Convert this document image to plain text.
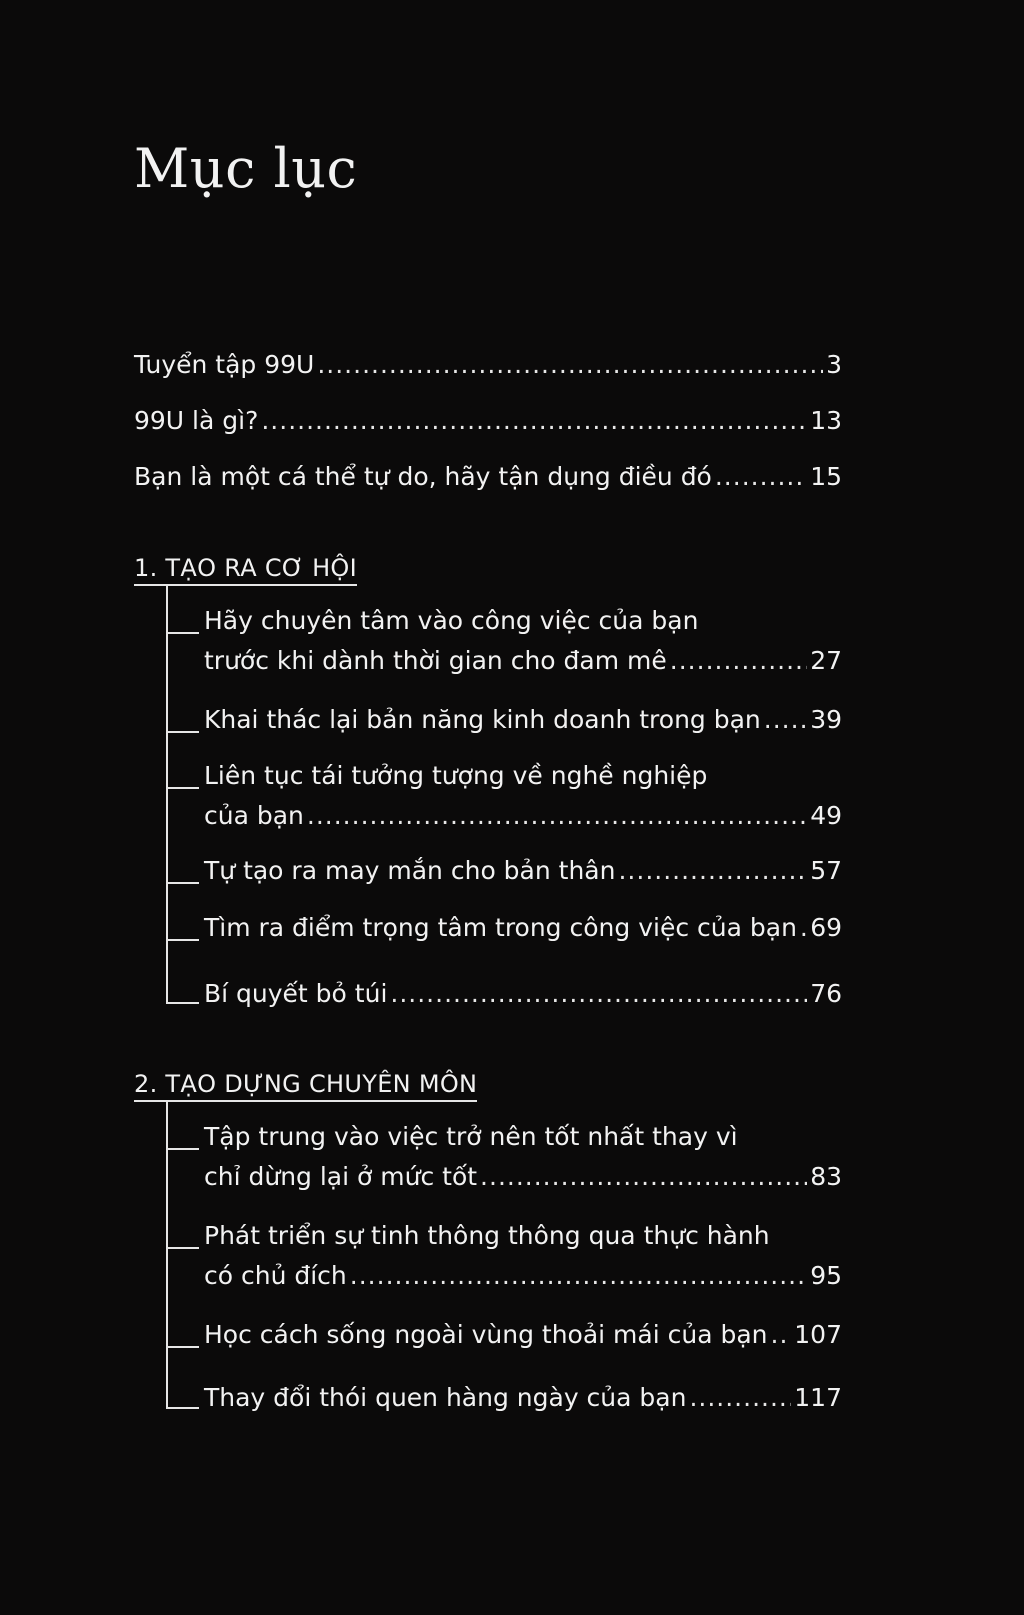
Mục lục
Tuyển tập 99U .....	3
99U là gì? .....	13
Bạn là một cá thể tự do, hãy tận dụng điều đó .....	15
1. TẠO RA CƠ HỘI
Hãy chuyên tâm vào công việc của bạn
trước khi dành thời gian cho đam mê .....	27
Khai thác lại bản năng kinh doanh trong bạn ..... 39
Liên tục tái tưởng tượng về nghề nghiệp
của bạn .....	49
Tự tạo ra may mắn cho bản thân .....	57
Tìm ra điểm trọng tâm trong công việc của bạn ..... 69
Bí quyết bỏ túi .....	76
2. TẠO DỰNG CHUYÊN MÔN
Tập trung vào việc trở nên tốt nhất thay vì
chỉ dừng lại ở mức tốt .....	83
Phát triển sự tinh thông thông qua thực hành
có chủ đích .....	95
Học cách sống ngoài vùng thoải mái của bạn ..... 107
Thay đổi thói quen hàng ngày của bạn .....	117
